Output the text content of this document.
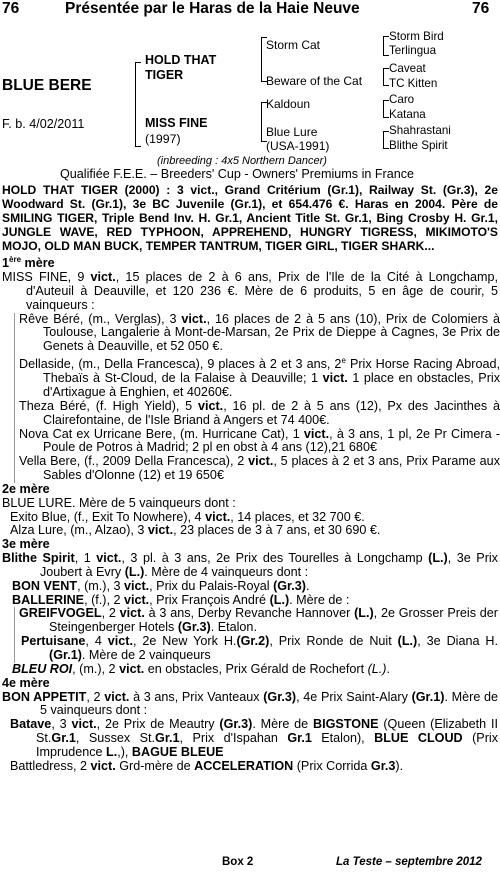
76	Présentée par le Haras de la Haie Neuve	76
BLUE BERE
F. b. 4/02/2011
HOLD THAT TIGER
MISS FINE
(1997)
Storm Cat
Beware of the Cat
Kaldoun
Blue Lure
(USA-1991)
Storm Bird
Terlingua
Caveat
TC Kitten
Caro
Katana
Shahrastani
Blithe Spirit
(inbreeding : 4x5 Northern Dancer)
Qualifiée F.E.E. – Breeders' Cup - Owners' Premiums in France
HOLD THAT TIGER (2000) : 3 vict., Grand Critérium (Gr.1), Railway St. (Gr.3), 2e Woodward St. (Gr.1), 3e BC Juvenile (Gr.1), et 654.476 €. Haras en 2004. Père de SMILING TIGER, Triple Bend Inv. H. Gr.1, Ancient Title St. Gr.1, Bing Crosby H. Gr.1, JUNGLE WAVE, RED TYPHOON, APPREHEND, HUNGRY TIGRESS, MIKIMOTO'S MOJO, OLD MAN BUCK, TEMPER TANTRUM, TIGER GIRL, TIGER SHARK...
1ère mère
MISS FINE, 9 vict., 15 places de 2 à 6 ans, Prix de l'Ile de la Cité à Longchamp, d'Auteuil à Deauville, et 120 236 €. Mère de 6 produits, 5 en âge de courir, 5 vainqueurs :
Rêve Béré, (m., Verglas), 3 vict., 16 places de 2 à 5 ans (10), Prix de Colomiers à Toulouse, Langalerie à Mont-de-Marsan, 2e Prix de Dieppe à Cagnes, 3e Prix de Genets à Deauville, et 52 050 €.
Dellaside, (m., Della Francesca), 9 places à 2 et 3 ans, 2e Prix Horse Racing Abroad, Thebaïs à St-Cloud, de la Falaise à Deauville; 1 vict. 1 place en obstacles, Prix d'Artixague à Enghien, et 40260€.
Theza Béré, (f. High Yield), 5 vict., 16 pl. de 2 à 5 ans (12), Px des Jacinthes à Clairefontaine, de l'Isle Briand à Angers et 74 400€.
Nova Cat ex Urricane Bere, (m. Hurricane Cat), 1 vict., à 3 ans, 1 pl, 2e Pr Cimera - Poule de Potros à Madrid; 2 pl en obst à 4 ans (12),21 680€
Vella Bere, (f., 2009 Della Francesca), 2 vict., 5 places à 2 et 3 ans, Prix Parame aux Sables d'Olonne (12) et 19 650€
2e mère
BLUE LURE. Mère de 5 vainqueurs dont :
Exito Blue, (f., Exit To Nowhere), 4 vict., 14 places, et 32 700 €.
Alza Lure, (m., Alzao), 3 vict., 23 places de 3 à 7 ans, et 30 690 €.
3e mère
Blithe Spirit, 1 vict., 3 pl. à 3 ans, 2e Prix des Tourelles à Longchamp (L.), 3e Prix Joubert à Evry (L.). Mère de 4 vainqueurs dont :
BON VENT, (m.), 3 vict., Prix du Palais-Royal (Gr.3).
BALLERINE, (f.), 2 vict., Prix François André (L.). Mère de :
GREIFVOGEL, 2 vict. à 3 ans, Derby Revanche Hannover (L.), 2e Grosser Preis der Steingenberger Hotels (Gr.3). Etalon.
Pertuisane, 4 vict., 2e New York H.(Gr.2), Prix Ronde de Nuit (L.), 3e Diana H.(Gr.1). Mère de 2 vainqueurs
BLEU ROI, (m.), 2 vict. en obstacles, Prix Gérald de Rochefort (L.).
4e mère
BON APPETIT, 2 vict. à 3 ans, Prix Vanteaux (Gr.3), 4e Prix Saint-Alary (Gr.1). Mère de 5 vainqueurs dont :
Batave, 3 vict., 2e Prix de Meautry (Gr.3). Mère de BIGSTONE (Queen (Elizabeth II St.Gr.1, Sussex St.Gr.1, Prix d'Ispahan Gr.1 Etalon), BLUE CLOUD (Prix Imprudence L.,), BAGUE BLEUE
Battledress, 2 vict. Grd-mère de ACCELERATION (Prix Corrida Gr.3).
Box 2	La Teste – septembre 2012
